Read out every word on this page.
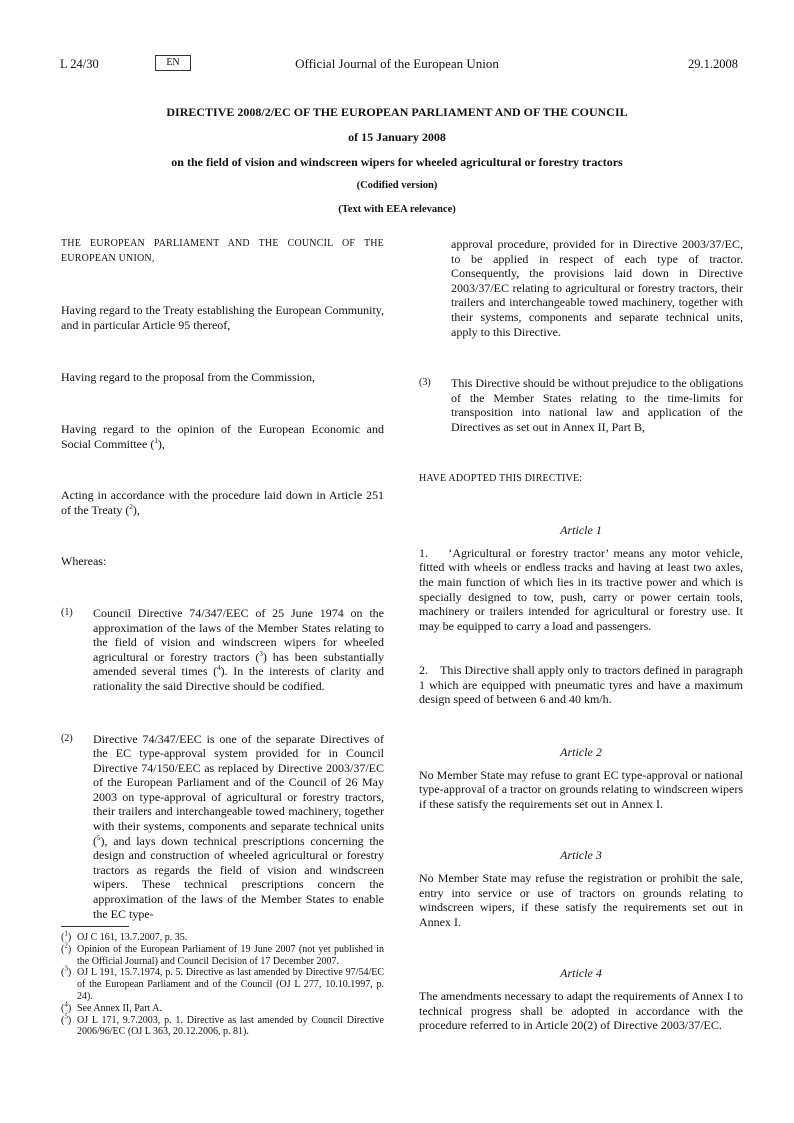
L 24/30	EN	Official Journal of the European Union	29.1.2008
DIRECTIVE 2008/2/EC OF THE EUROPEAN PARLIAMENT AND OF THE COUNCIL
of 15 January 2008
on the field of vision and windscreen wipers for wheeled agricultural or forestry tractors
(Codified version)
(Text with EEA relevance)

THE EUROPEAN PARLIAMENT AND THE COUNCIL OF THE EUROPEAN UNION,

Having regard to the Treaty establishing the European Community, and in particular Article 95 thereof,

Having regard to the proposal from the Commission,

Having regard to the opinion of the European Economic and Social Committee ($^1$),

Acting in accordance with the procedure laid down in Article 251 of the Treaty ($^2$),

Whereas:

(1)	Council Directive 74/347/EEC of 25 June 1974 on the approximation of the laws of the Member States relating to the field of vision and windscreen wipers for wheeled agricultural or forestry tractors ($^3$) has been substantially amended several times ($^4$). In the interests of clarity and rationality the said Directive should be codified.
(2)	Directive 74/347/EEC is one of the separate Directives of the EC type-approval system provided for in Council Directive 74/150/EEC as replaced by Directive 2003/37/EC of the European Parliament and of the Council of 26 May 2003 on type-approval of agricultural or forestry tractors, their trailers and interchangeable towed machinery, together with their systems, components and separate technical units ($^5$), and lays down technical prescriptions concerning the design and construction of wheeled agricultural or forestry tractors as regards the field of vision and windscreen wipers. These technical prescriptions concern the approximation of the laws of the Member States to enable the EC type-
($^1$) OJ C 161, 13.7.2007, p. 35.
($^2$) Opinion of the European Parliament of 19 June 2007 (not yet published in the Official Journal) and Council Decision of 17 December 2007.
($^3$) OJ L 191, 15.7.1974, p. 5. Directive as last amended by Directive 97/54/EC of the European Parliament and of the Council (OJ L 277, 10.10.1997, p. 24).
($^4$) See Annex II, Part A.
($^5$) OJ L 171, 9.7.2003, p. 1. Directive as last amended by Council Directive 2006/96/EC (OJ L 363, 20.12.2006, p. 81).
approval procedure, provided for in Directive 2003/37/EC, to be applied in respect of each type of tractor. Consequently, the provisions laid down in Directive 2003/37/EC relating to agricultural or forestry tractors, their trailers and interchangeable towed machinery, together with their systems, components and separate technical units, apply to this Directive.
(3)	This Directive should be without prejudice to the obligations of the Member States relating to the time-limits for transposition into national law and application of the Directives as set out in Annex II, Part B,

HAVE ADOPTED THIS DIRECTIVE:

Article 1

1.    ‘Agricultural or forestry tractor’ means any motor vehicle, fitted with wheels or endless tracks and having at least two axles, the main function of which lies in its tractive power and which is specially designed to tow, push, carry or power certain tools, machinery or trailers intended for agricultural or forestry use. It may be equipped to carry a load and passengers.

2.    This Directive shall apply only to tractors defined in paragraph 1 which are equipped with pneumatic tyres and have a maximum design speed of between 6 and 40 km/h.

Article 2

No Member State may refuse to grant EC type-approval or national type-approval of a tractor on grounds relating to windscreen wipers if these satisfy the requirements set out in Annex I.

Article 3

No Member State may refuse the registration or prohibit the sale, entry into service or use of tractors on grounds relating to windscreen wipers, if these satisfy the requirements set out in Annex I.

Article 4

The amendments necessary to adapt the requirements of Annex I to technical progress shall be adopted in accordance with the procedure referred to in Article 20(2) of Directive 2003/37/EC.
